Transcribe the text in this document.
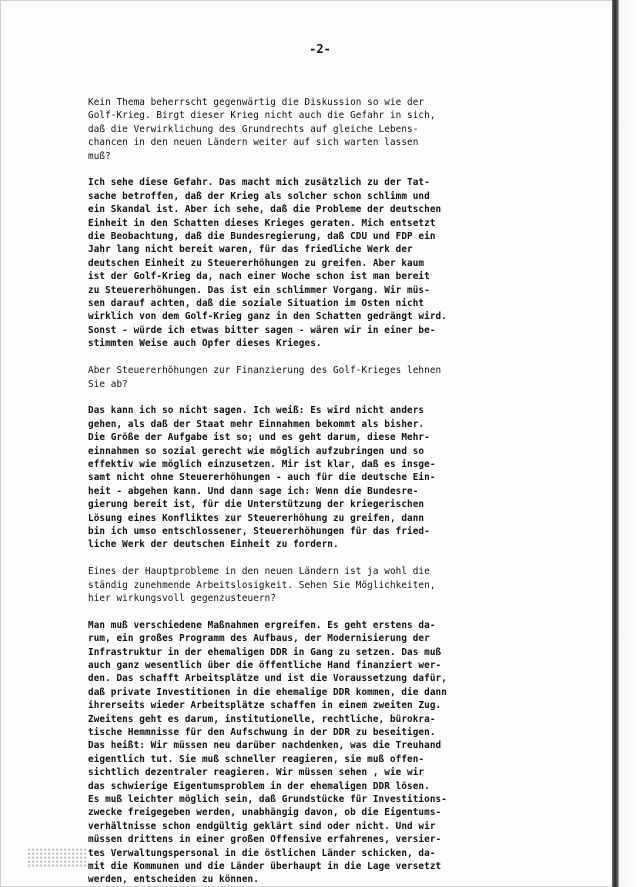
-2-
Kein Thema beherrscht gegenwärtig die Diskussion so wie der
Golf-Krieg. Birgt dieser Krieg nicht auch die Gefahr in sich,
daß die Verwirklichung des Grundrechts auf gleiche Lebens-
chancen in den neuen Ländern weiter auf sich warten lassen
muß?
Ich sehe diese Gefahr. Das macht mich zusätzlich zu der Tat-
sache betroffen, daß der Krieg als solcher schon schlimm und
ein Skandal ist. Aber ich sehe, daß die Probleme der deutschen
Einheit in den Schatten dieses Krieges geraten. Mich entsetzt
die Beobachtung, daß die Bundesregierung, daß CDU und FDP ein
Jahr lang nicht bereit waren, für das friedliche Werk der
deutschen Einheit zu Steuererhöhungen zu greifen. Aber kaum
ist der Golf-Krieg da, nach einer Woche schon ist man bereit
zu Steuererhöhungen. Das ist ein schlimmer Vorgang. Wir müs-
sen darauf achten, daß die soziale Situation im Osten nicht
wirklich von dem Golf-Krieg ganz in den Schatten gedrängt wird.
Sonst - würde ich etwas bitter sagen - wären wir in einer be-
stimmten Weise auch Opfer dieses Krieges.
Aber Steuererhöhungen zur Finanzierung des Golf-Krieges lehnen
Sie ab?
Das kann ich so nicht sagen. Ich weiß: Es wird nicht anders
gehen, als daß der Staat mehr Einnahmen bekommt als bisher.
Die Größe der Aufgabe ist so; und es geht darum, diese Mehr-
einnahmen so sozial gerecht wie möglich aufzubringen und so
effektiv wie möglich einzusetzen. Mir ist klar, daß es insge-
samt nicht ohne Steuererhöhungen - auch für die deutsche Ein-
heit - abgehen kann. Und dann sage ich: Wenn die Bundesre-
gierung bereit ist, für die Unterstützung der kriegerischen
Lösung eines Konfliktes zur Steuererhöhung zu greifen, dann
bin ich umso entschlossener, Steuererhöhungen für das fried-
liche Werk der deutschen Einheit zu fordern.
Eines der Hauptprobleme in den neuen Ländern ist ja wohl die
ständig zunehmende Arbeitslosigkeit. Sehen Sie Möglichkeiten,
hier wirkungsvoll gegenzusteuern?
Man muß verschiedene Maßnahmen ergreifen. Es geht erstens da-
rum, ein großes Programm des Aufbaus, der Modernisierung der
Infrastruktur in der ehemaligen DDR in Gang zu setzen. Das muß
auch ganz wesentlich über die öffentliche Hand finanziert wer-
den. Das schafft Arbeitsplätze und ist die Voraussetzung dafür,
daß private Investitionen in die ehemalige DDR kommen, die dann
ihrerseits wieder Arbeitsplätze schaffen in einem zweiten Zug.
Zweitens geht es darum, institutionelle, rechtliche, bürokra-
tische Hemmnisse für den Aufschwung in der DDR zu beseitigen.
Das heißt: Wir müssen neu darüber nachdenken, was die Treuhand
eigentlich tut. Sie muß schneller reagieren, sie muß offen-
sichtlich dezentraler reagieren. Wir müssen sehen , wie wir
das schwierige Eigentumsproblem in der ehemaligen DDR lösen.
Es muß leichter möglich sein, daß Grundstücke für Investitions-
zwecke freigegeben werden, unabhängig davon, ob die Eigentums-
verhältnisse schon endgültig geklärt sind oder nicht. Und wir
müssen drittens in einer großen Offensive erfahrenes, versier-
tes Verwaltungspersonal in die östlichen Länder schicken, da-
mit die Kommunen und die Länder überhaupt in die Lage versetzt
werden, entscheiden zu können.
